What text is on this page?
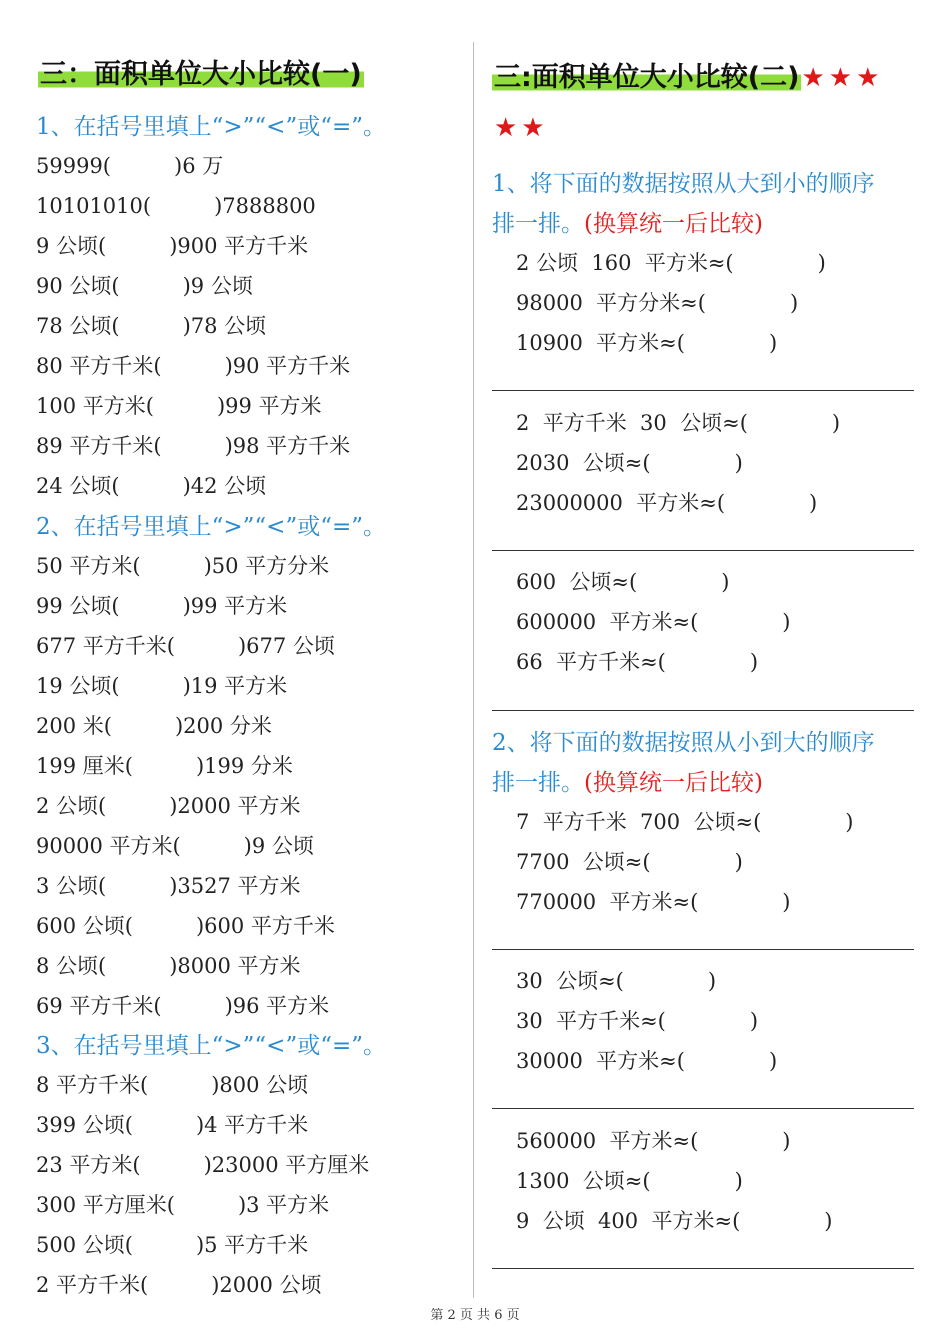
三：面积单位大小比较(一)
1、在括号里填上“>”“<”或“=”。
59999(　　　)6 万
10101010(　　　)7888800
9 公顷(　　　)900 平方千米
90 公顷(　　　)9 公顷
78 公顷(　　　)78 公顷
80 平方千米(　　　)90 平方千米
100 平方米(　　　)99 平方米
89 平方千米(　　　)98 平方千米
24 公顷(　　　)42 公顷
2、在括号里填上“>”“<”或“=”。
50 平方米(　　　)50 平方分米
99 公顷(　　　)99 平方米
677 平方千米(　　　)677 公顷
19 公顷(　　　)19 平方米
200 米(　　　)200 分米
199 厘米(　　　)199 分米
2 公顷(　　　)2000 平方米
90000 平方米(　　　)9 公顷
3 公顷(　　　)3527 平方米
600 公顷(　　　)600 平方千米
8 公顷(　　　)8000 平方米
69 平方千米(　　　)96 平方米
3、在括号里填上“>”“<”或“=”。
8 平方千米(　　　)800 公顷
399 公顷(　　　)4 平方千米
23 平方米(　　　)23000 平方厘米
300 平方厘米(　　　)3 平方米
500 公顷(　　　)5 平方千米
2 平方千米(　　　)2000 公顷
三:面积单位大小比较(二)★★★
★★
1、将下面的数据按照从大到小的顺序
排一排。(换算统一后比较)
2 公顷  160  平方米≈(　　　　)
98000  平方分米≈(　　　　)
10900  平方米≈(　　　　)
2  平方千米  30  公顷≈(　　　　)
2030  公顷≈(　　　　)
23000000  平方米≈(　　　　)
600  公顷≈(　　　　)
600000  平方米≈(　　　　)
66  平方千米≈(　　　　)
2、将下面的数据按照从小到大的顺序
排一排。(换算统一后比较)
7  平方千米  700  公顷≈(　　　　)
7700  公顷≈(　　　　)
770000  平方米≈(　　　　)
30  公顷≈(　　　　)
30  平方千米≈(　　　　)
30000  平方米≈(　　　　)
560000  平方米≈(　　　　)
1300  公顷≈(　　　　)
9  公顷  400  平方米≈(　　　　)
第 2 页 共 6 页
